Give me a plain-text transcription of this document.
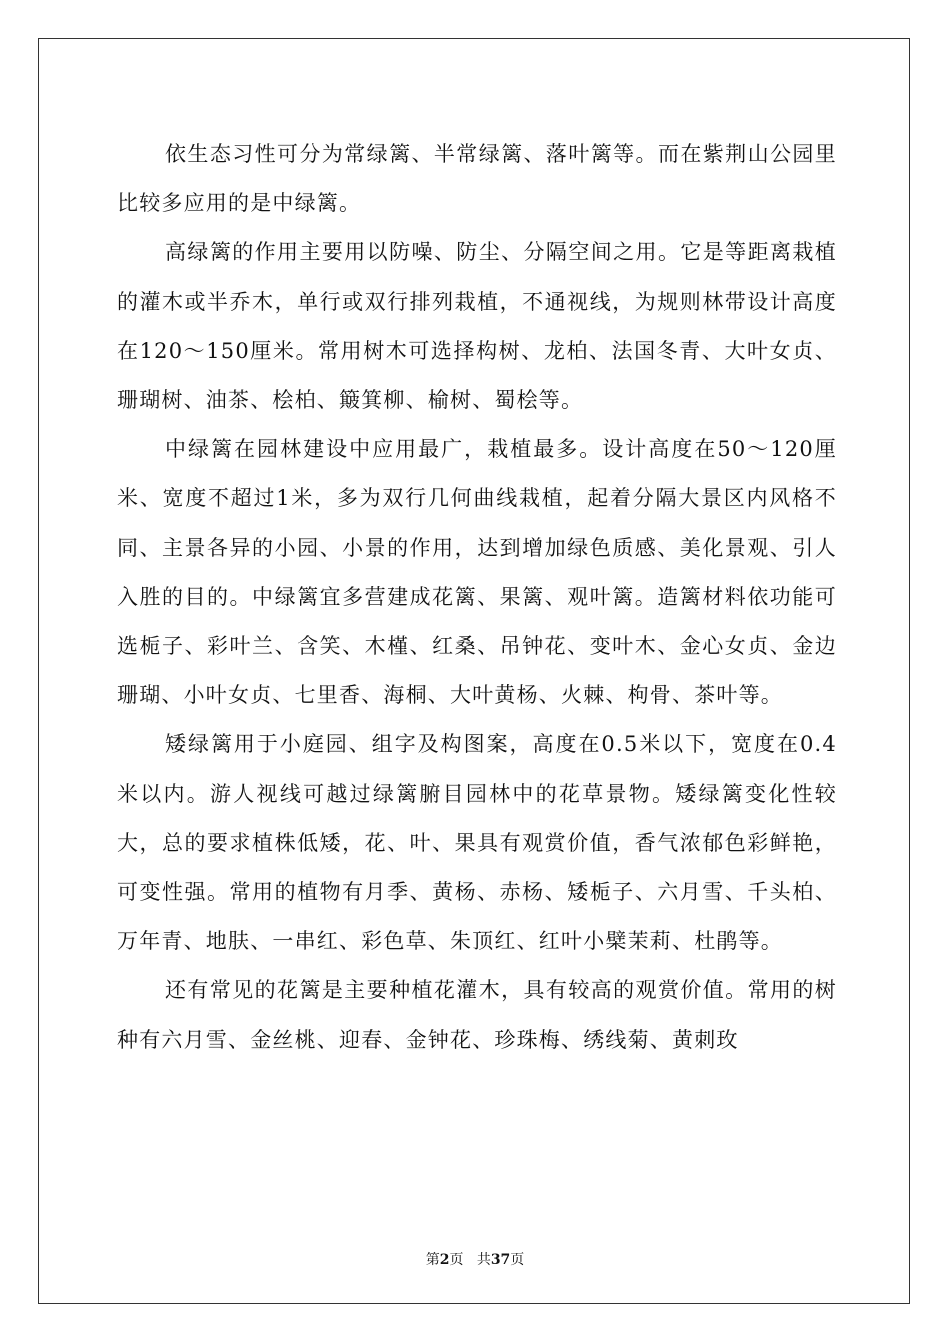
依生态习性可分为常绿篱、半常绿篱、落叶篱等。而在紫荆山公园里比较多应用的是中绿篱。

高绿篱的作用主要用以防噪、防尘、分隔空间之用。它是等距离栽植的灌木或半乔木，单行或双行排列栽植，不通视线，为规则林带设计高度在120～150厘米。常用树木可选择构树、龙柏、法国冬青、大叶女贞、珊瑚树、油茶、桧柏、簸箕柳、榆树、蜀桧等。

中绿篱在园林建设中应用最广，栽植最多。设计高度在50～120厘米、宽度不超过1米，多为双行几何曲线栽植，起着分隔大景区内风格不同、主景各异的小园、小景的作用，达到增加绿色质感、美化景观、引人入胜的目的。中绿篱宜多营建成花篱、果篱、观叶篱。造篱材料依功能可选栀子、彩叶兰、含笑、木槿、红桑、吊钟花、变叶木、金心女贞、金边珊瑚、小叶女贞、七里香、海桐、大叶黄杨、火棘、枸骨、茶叶等。

矮绿篱用于小庭园、组字及构图案，高度在0.5米以下，宽度在0.4米以内。游人视线可越过绿篱腑目园林中的花草景物。矮绿篱变化性较大，总的要求植株低矮，花、叶、果具有观赏价值，香气浓郁色彩鲜艳，可变性强。常用的植物有月季、黄杨、赤杨、矮栀子、六月雪、千头柏、万年青、地肤、一串红、彩色草、朱顶红、红叶小檗茉莉、杜鹃等。

还有常见的花篱是主要种植花灌木，具有较高的观赏价值。常用的树种有六月雪、金丝桃、迎春、金钟花、珍珠梅、绣线菊、黄刺玫

第2页 共37页
